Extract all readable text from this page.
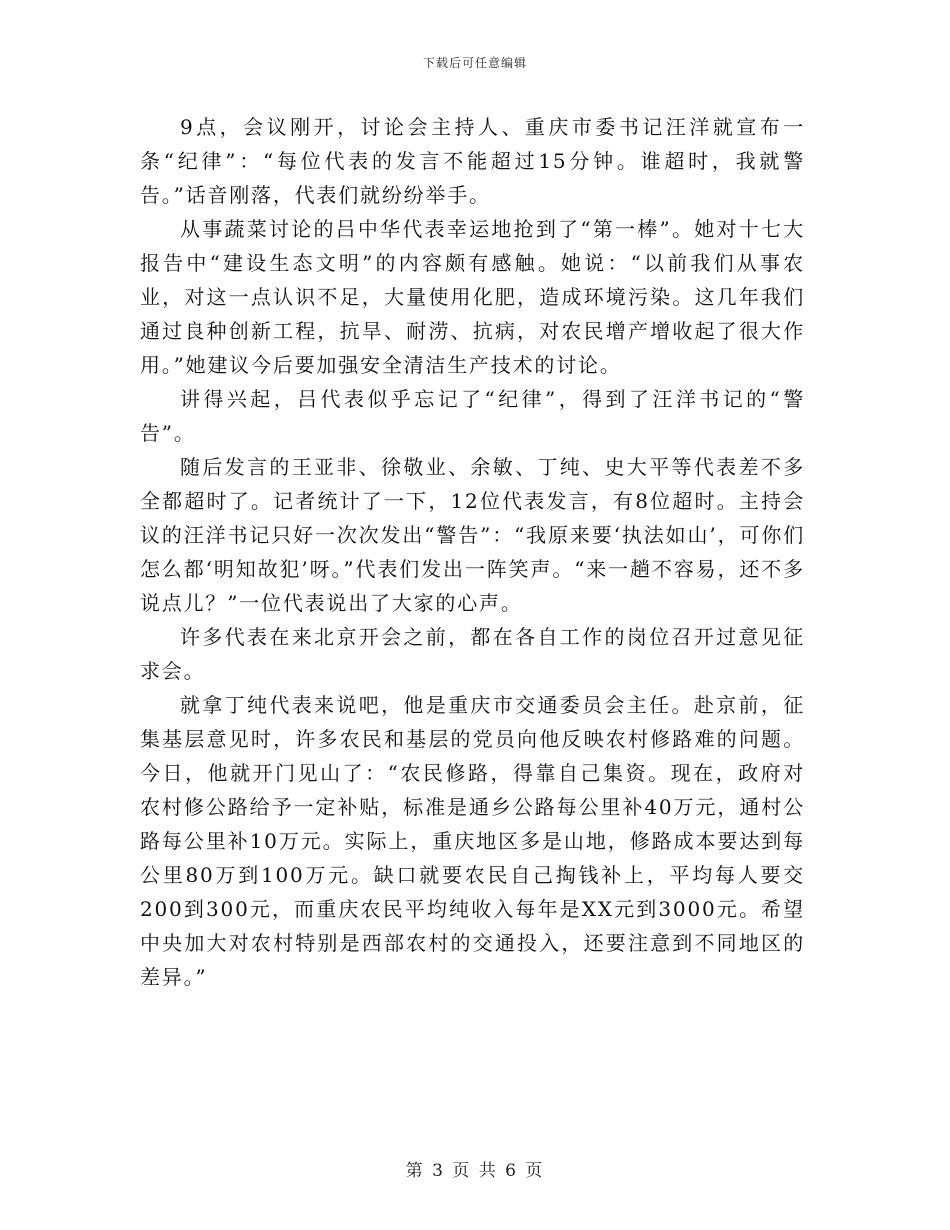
下载后可任意编辑

9点，会议刚开，讨论会主持人、重庆市委书记汪洋就宣布一条“纪律”：“每位代表的发言不能超过15分钟。谁超时，我就警告。”话音刚落，代表们就纷纷举手。

从事蔬菜讨论的吕中华代表幸运地抢到了“第一棒”。她对十七大报告中“建设生态文明”的内容颇有感触。她说：“以前我们从事农业，对这一点认识不足，大量使用化肥，造成环境污染。这几年我们通过良种创新工程，抗旱、耐涝、抗病，对农民增产增收起了很大作用。”她建议今后要加强安全清洁生产技术的讨论。

讲得兴起，吕代表似乎忘记了“纪律”，得到了汪洋书记的“警告”。

随后发言的王亚非、徐敬业、余敏、丁纯、史大平等代表差不多全都超时了。记者统计了一下，12位代表发言，有8位超时。主持会议的汪洋书记只好一次次发出“警告”：“我原来要‘执法如山’，可你们怎么都‘明知故犯’呀。”代表们发出一阵笑声。“来一趟不容易，还不多说点儿？”一位代表说出了大家的心声。

许多代表在来北京开会之前，都在各自工作的岗位召开过意见征求会。

就拿丁纯代表来说吧，他是重庆市交通委员会主任。赴京前，征集基层意见时，许多农民和基层的党员向他反映农村修路难的问题。今日，他就开门见山了：“农民修路，得靠自己集资。现在，政府对农村修公路给予一定补贴，标准是通乡公路每公里补40万元，通村公路每公里补10万元。实际上，重庆地区多是山地，修路成本要达到每公里80万到100万元。缺口就要农民自己掏钱补上，平均每人要交200到300元，而重庆农民平均纯收入每年是XX元到3000元。希望中央加大对农村特别是西部农村的交通投入，还要注意到不同地区的差异。”

第 3 页 共 6 页
